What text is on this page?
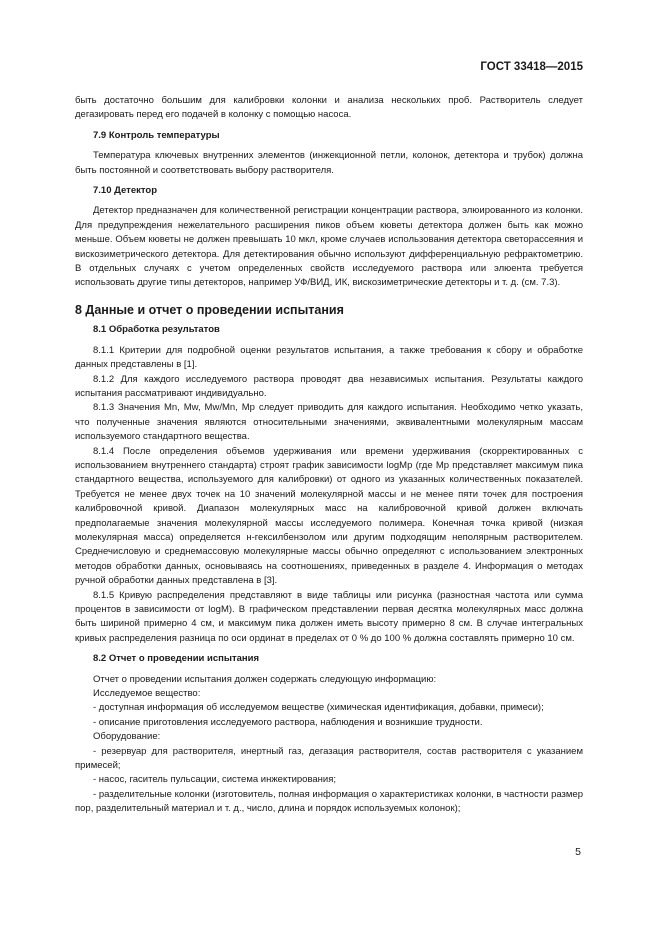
ГОСТ 33418—2015

быть достаточно большим для калибровки колонки и анализа нескольких проб. Растворитель следует дегазировать перед его подачей в колонку с помощью насоса.

7.9 Контроль температуры

Температура ключевых внутренних элементов (инжекционной петли, колонок, детектора и трубок) должна быть постоянной и соответствовать выбору растворителя.

7.10 Детектор

Детектор предназначен для количественной регистрации концентрации раствора, элюированного из колонки. Для предупреждения нежелательного расширения пиков объем кюветы детектора должен быть как можно меньше. Объем кюветы не должен превышать 10 мкл, кроме случаев использования детектора светорассеяния и вискозиметрического детектора. Для детектирования обычно используют дифференциальную рефрактометрию. В отдельных случаях с учетом определенных свойств исследуемого раствора или элюента требуется использовать другие типы детекторов, например УФ/ВИД, ИК, вискозиметрические детекторы и т. д. (см. 7.3).

8 Данные и отчет о проведении испытания

8.1 Обработка результатов

8.1.1 Критерии для подробной оценки результатов испытания, а также требования к сбору и обработке данных представлены в [1].

8.1.2 Для каждого исследуемого раствора проводят два независимых испытания. Результаты каждого испытания рассматривают индивидуально.

8.1.3 Значения Mn, Mw, Mw/Mn, Mp следует приводить для каждого испытания. Необходимо четко указать, что полученные значения являются относительными значениями, эквивалентными молекулярным массам используемого стандартного вещества.

8.1.4 После определения объемов удерживания или времени удерживания (скорректированных с использованием внутреннего стандарта) строят график зависимости logMp (где Mp представляет максимум пика стандартного вещества, используемого для калибровки) от одного из указанных количественных показателей. Требуется не менее двух точек на 10 значений молекулярной массы и не менее пяти точек для построения калибровочной кривой. Диапазон молекулярных масс на калибровочной кривой должен включать предполагаемые значения молекулярной массы исследуемого полимера. Конечная точка кривой (низкая молекулярная масса) определяется н-гексилбензолом или другим подходящим неполярным растворителем. Среднечисловую и среднемассовую молекулярные массы обычно определяют с использованием электронных методов обработки данных, основываясь на соотношениях, приведенных в разделе 4. Информация о методах ручной обработки данных представлена в [3].

8.1.5 Кривую распределения представляют в виде таблицы или рисунка (разностная частота или сумма процентов в зависимости от logM). В графическом представлении первая десятка молекулярных масс должна быть шириной примерно 4 см, и максимум пика должен иметь высоту примерно 8 см. В случае интегральных кривых распределения разница по оси ординат в пределах от 0 % до 100 % должна составлять примерно 10 см.

8.2 Отчет о проведении испытания

Отчет о проведении испытания должен содержать следующую информацию:

Исследуемое вещество:

- доступная информация об исследуемом веществе (химическая идентификация, добавки, примеси);

- описание приготовления исследуемого раствора, наблюдения и возникшие трудности.

Оборудование:

- резервуар для растворителя, инертный газ, дегазация растворителя, состав растворителя с указанием примесей;

- насос, гаситель пульсации, система инжектирования;

- разделительные колонки (изготовитель, полная информация о характеристиках колонки, в частности размер пор, разделительный материал и т. д., число, длина и порядок используемых колонок);

5
